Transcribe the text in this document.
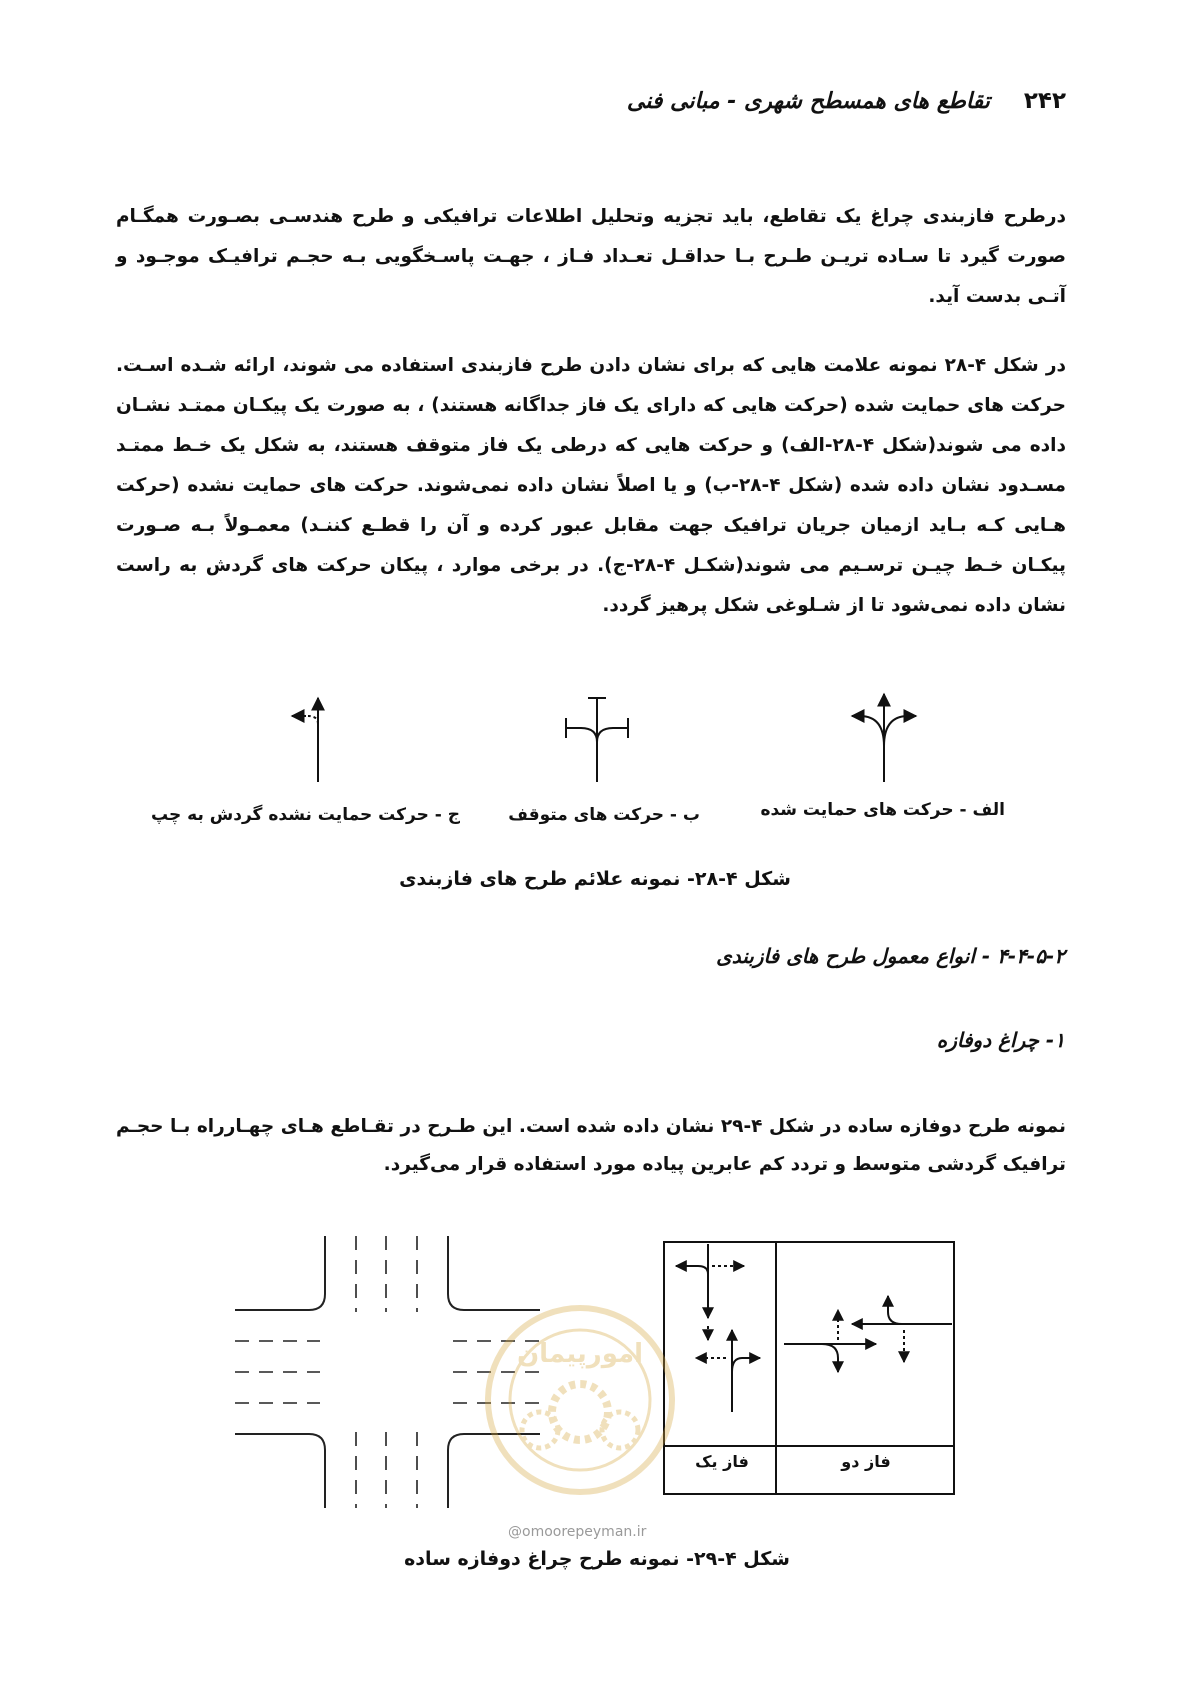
۲۴۲
تقاطع های همسطح شهری - مبانی فنی
درطرح فازبندی چراغ یک تقاطع، باید تجزیه وتحلیل اطلاعات ترافیکی و طرح هندسـی بصـورت همگـام صورت گیرد تا سـاده تریـن طـرح بـا حداقـل تعـداد فـاز ، جهـت پاسـخگویی بـه حجـم ترافیـک موجـود و آتـی بدست آید.
در شکل ۴-۲۸ نمونه علامت هایی که برای نشان دادن طرح فازبندی استفاده می شوند، ارائه شـده اسـت. حرکت های حمایت شده (حرکت هایی که دارای یک فاز جداگانه هستند) ، به صورت یک پیکـان ممتـد نشـان داده می شوند(شکل ۴-۲۸-الف) و حرکت هایی که درطی یک فاز متوقف هستند، به شکل یک خـط ممتـد مسـدود نشان داده شده (شکل ۴-۲۸-ب) و یا اصلاً نشان داده نمی‌شوند. حرکت های حمایت نشده (حرکت هـایی کـه بـاید ازمیان جریان ترافیک جهت مقابل عبور کرده و آن را قطـع کننـد) معمـولاً بـه صـورت پیکـان خـط چیـن ترسـیم می شوند(شکـل ۴-۲۸-ج). در برخی موارد ، پیکان حرکت های گردش به راست نشان داده نمی‌شود تا از شـلوغی شکل پرهیز گردد.
ج - حرکت حمایت نشده گردش به چپ	ب - حرکت های متوقف	الف - حرکت های حمایت شده
شکل ۴-۲۸- نمونه علائم طرح های فازبندی
۴-۴-۵-۲ - انواع معمول طرح های فازبندی
۱- چراغ دوفازه
نمونه طرح دوفازه ساده در شکل ۴-۲۹ نشان داده شده است. این طـرح در تقـاطع هـای چهـارراه بـا حجـم ترافیک گردشی متوسط و تردد کم عابرین پیاده مورد استفاده قرار می‌گیرد.
فاز یک	فاز دو
امورپیمان
@omoorepeyman.ir
شکل ۴-۲۹- نمونه طرح چراغ دوفازه ساده
